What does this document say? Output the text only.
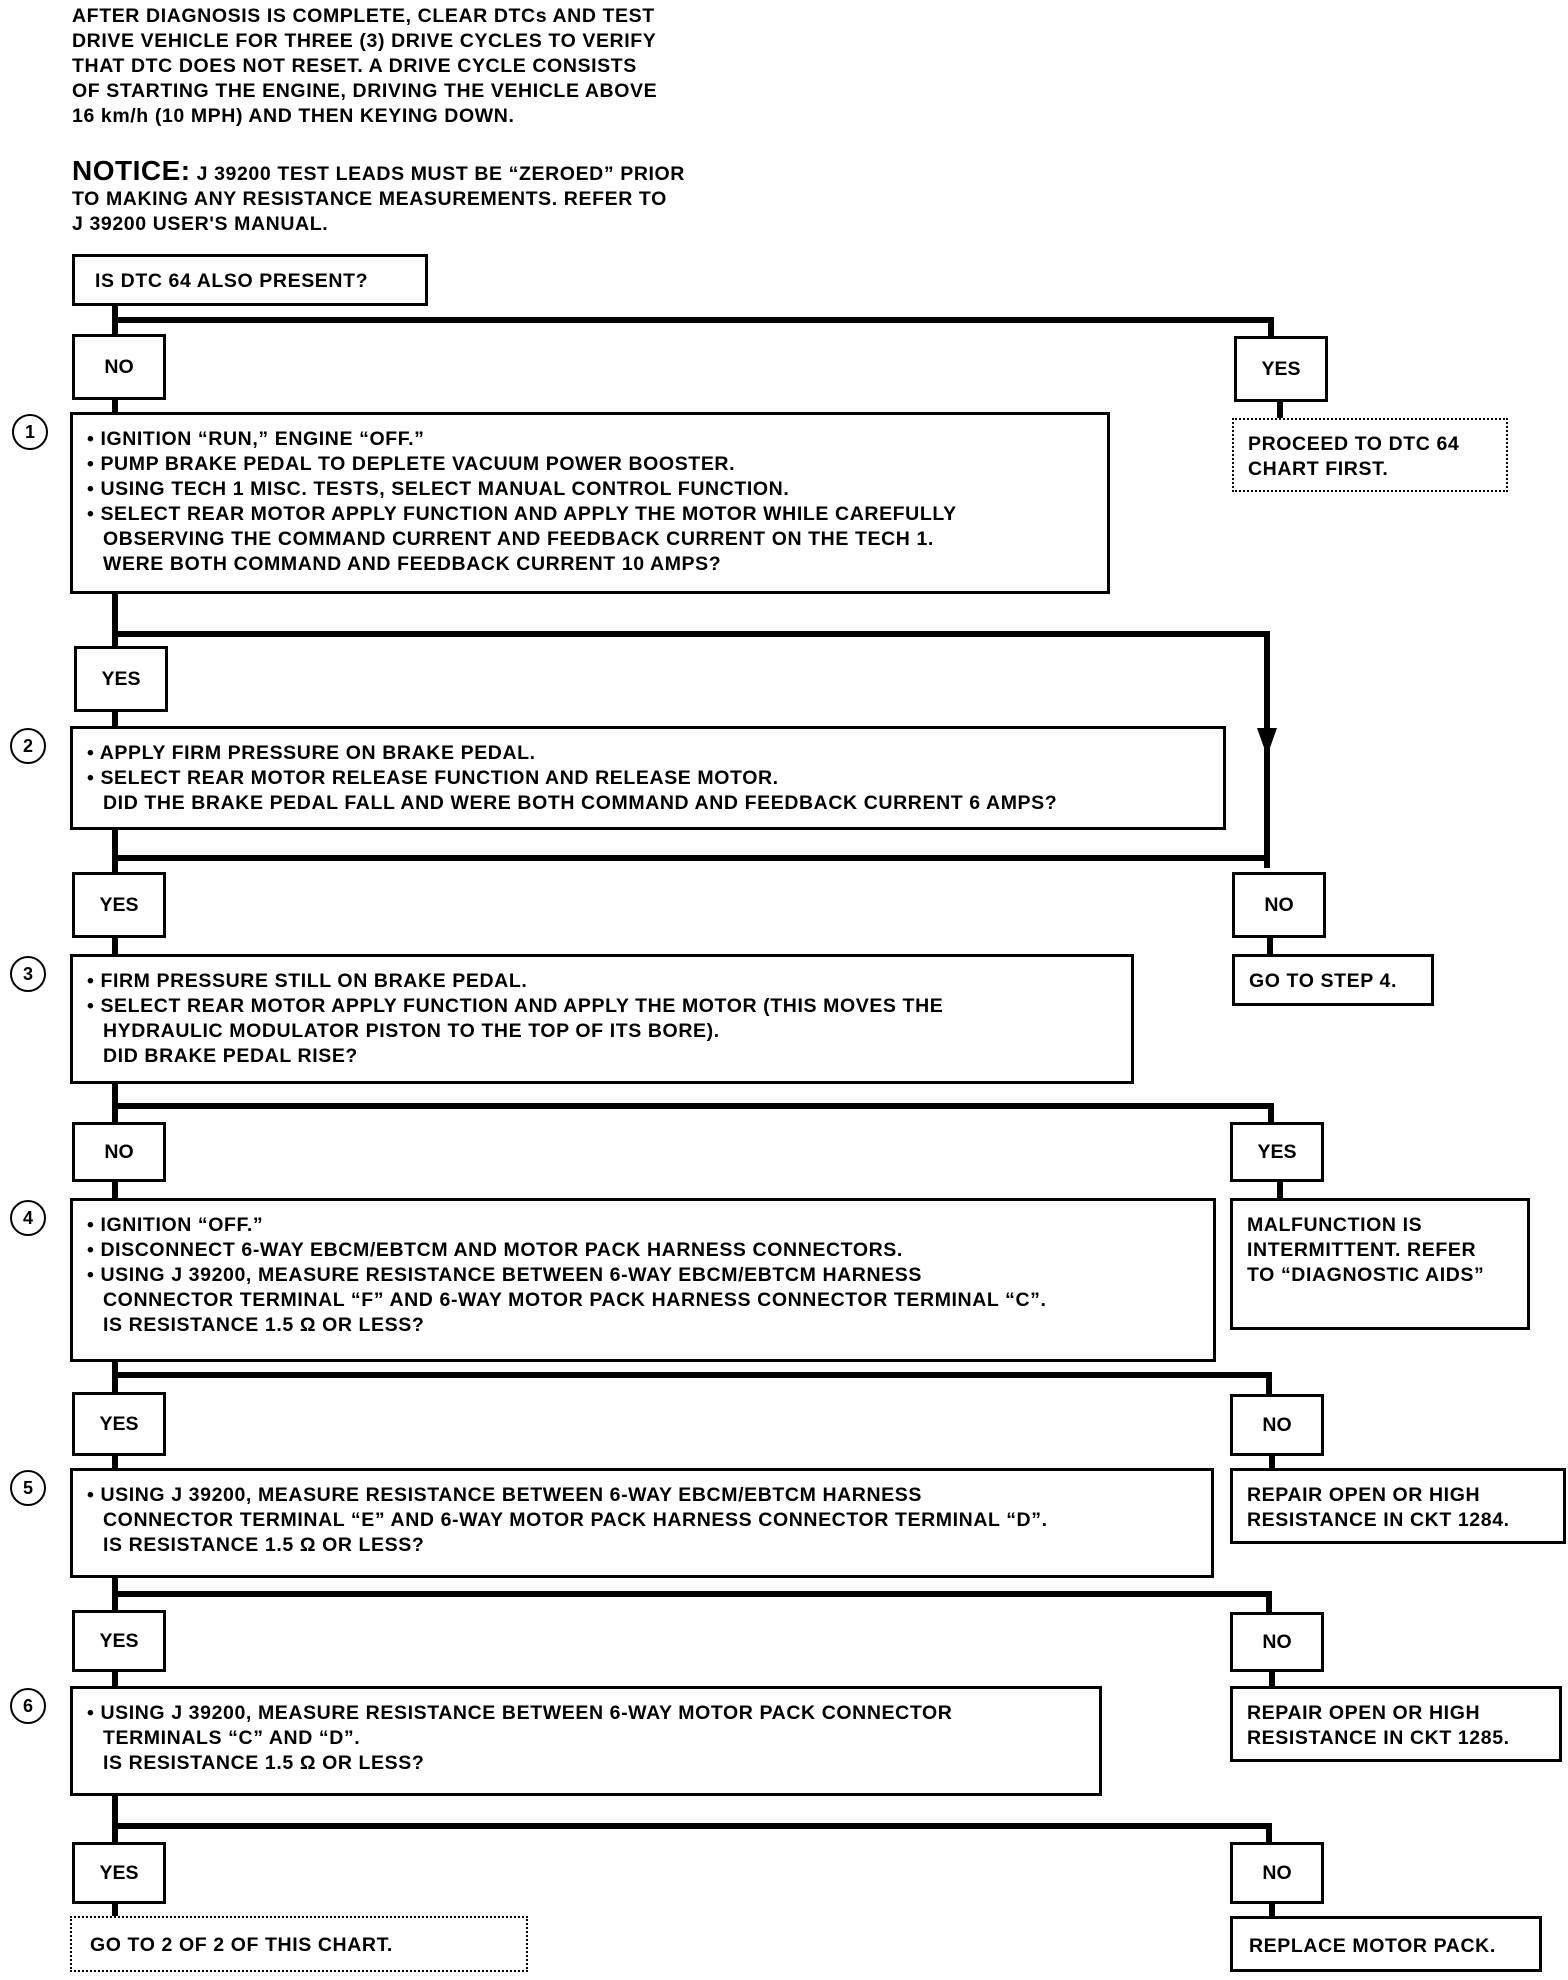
AFTER DIAGNOSIS IS COMPLETE, CLEAR DTCs AND TEST
DRIVE VEHICLE FOR THREE (3) DRIVE CYCLES TO VERIFY
THAT DTC DOES NOT RESET. A DRIVE CYCLE CONSISTS
OF STARTING THE ENGINE, DRIVING THE VEHICLE ABOVE
16 km/h (10 MPH) AND THEN KEYING DOWN.
NOTICE: J 39200 TEST LEADS MUST BE “ZEROED” PRIOR
TO MAKING ANY RESISTANCE MEASUREMENTS. REFER TO
J 39200 USER'S MANUAL.
IS DTC 64 ALSO PRESENT?
NO	YES
PROCEED TO DTC 64
CHART FIRST.
1	• IGNITION “RUN,” ENGINE “OFF.”
• PUMP BRAKE PEDAL TO DEPLETE VACUUM POWER BOOSTER.
• USING TECH 1 MISC. TESTS, SELECT MANUAL CONTROL FUNCTION.
• SELECT REAR MOTOR APPLY FUNCTION AND APPLY THE MOTOR WHILE CAREFULLY
OBSERVING THE COMMAND CURRENT AND FEEDBACK CURRENT ON THE TECH 1.
WERE BOTH COMMAND AND FEEDBACK CURRENT 10 AMPS?
YES
2	• APPLY FIRM PRESSURE ON BRAKE PEDAL.
• SELECT REAR MOTOR RELEASE FUNCTION AND RELEASE MOTOR.
DID THE BRAKE PEDAL FALL AND WERE BOTH COMMAND AND FEEDBACK CURRENT 6 AMPS?
YES	NO
GO TO STEP 4.
3	• FIRM PRESSURE STILL ON BRAKE PEDAL.
• SELECT REAR MOTOR APPLY FUNCTION AND APPLY THE MOTOR (THIS MOVES THE
HYDRAULIC MODULATOR PISTON TO THE TOP OF ITS BORE).
DID BRAKE PEDAL RISE?
NO	YES
MALFUNCTION IS
INTERMITTENT. REFER
TO “DIAGNOSTIC AIDS”
4	• IGNITION “OFF.”
• DISCONNECT 6-WAY EBCM/EBTCM AND MOTOR PACK HARNESS CONNECTORS.
• USING J 39200, MEASURE RESISTANCE BETWEEN 6-WAY EBCM/EBTCM HARNESS
CONNECTOR TERMINAL “F” AND 6-WAY MOTOR PACK HARNESS CONNECTOR TERMINAL “C”.
IS RESISTANCE 1.5 Ω OR LESS?
YES	NO
REPAIR OPEN OR HIGH
RESISTANCE IN CKT 1284.
5	• USING J 39200, MEASURE RESISTANCE BETWEEN 6-WAY EBCM/EBTCM HARNESS
CONNECTOR TERMINAL “E” AND 6-WAY MOTOR PACK HARNESS CONNECTOR TERMINAL “D”.
IS RESISTANCE 1.5 Ω OR LESS?
YES	NO
REPAIR OPEN OR HIGH
RESISTANCE IN CKT 1285.
6	• USING J 39200, MEASURE RESISTANCE BETWEEN 6-WAY MOTOR PACK CONNECTOR
TERMINALS “C” AND “D”.
IS RESISTANCE 1.5 Ω OR LESS?
YES	NO
GO TO 2 OF 2 OF THIS CHART.	REPLACE MOTOR PACK.
